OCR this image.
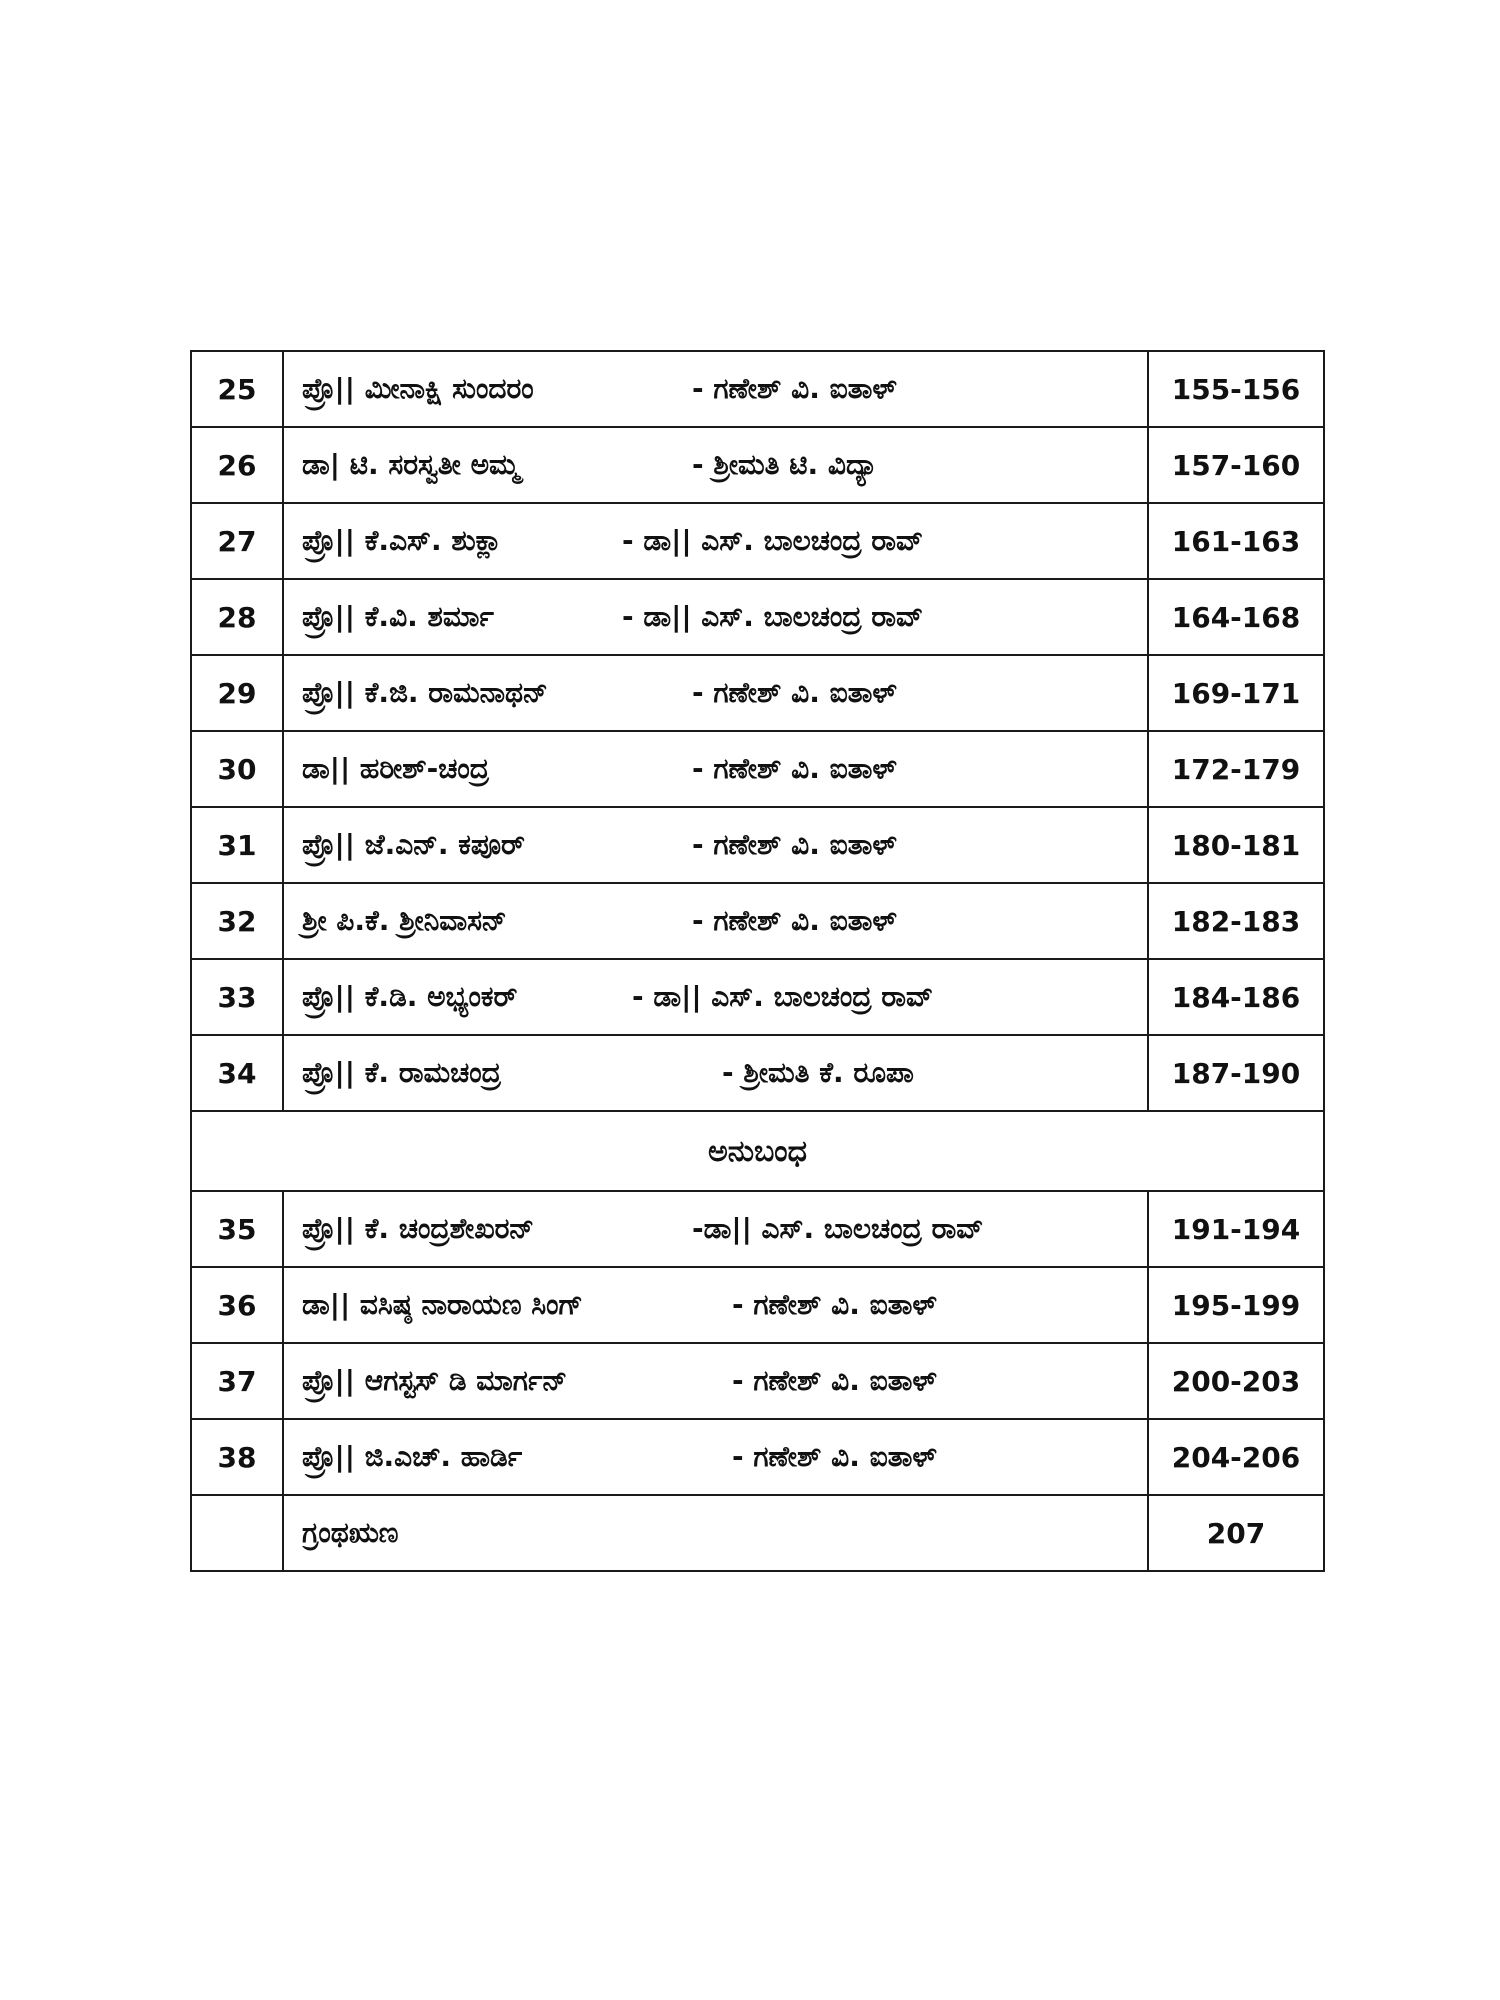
25	ಪ್ರೊ|| ಮೀನಾಕ್ಷಿ ಸುಂದರಂ - ಗಣೇಶ್ ವಿ. ಐತಾಳ್	155-156
26	ಡಾ| ಟಿ. ಸರಸ್ವತೀ ಅಮ್ಮ - ಶ್ರೀಮತಿ ಟಿ. ವಿದ್ಯಾ	157-160
27	ಪ್ರೊ|| ಕೆ.ಎಸ್. ಶುಕ್ಲಾ - ಡಾ|| ಎಸ್. ಬಾಲಚಂದ್ರ ರಾವ್	161-163
28	ಪ್ರೊ|| ಕೆ.ವಿ. ಶರ್ಮಾ - ಡಾ|| ಎಸ್. ಬಾಲಚಂದ್ರ ರಾವ್	164-168
29	ಪ್ರೊ|| ಕೆ.ಜಿ. ರಾಮನಾಥನ್ - ಗಣೇಶ್ ವಿ. ಐತಾಳ್	169-171
30	ಡಾ|| ಹರೀಶ್-ಚಂದ್ರ - ಗಣೇಶ್ ವಿ. ಐತಾಳ್	172-179
31	ಪ್ರೊ|| ಜೆ.ಎನ್. ಕಪೂರ್ - ಗಣೇಶ್ ವಿ. ಐತಾಳ್	180-181
32	ಶ್ರೀ ಪಿ.ಕೆ. ಶ್ರೀನಿವಾಸನ್ - ಗಣೇಶ್ ವಿ. ಐತಾಳ್	182-183
33	ಪ್ರೊ|| ಕೆ.ಡಿ. ಅಭ್ಯಂಕರ್ - ಡಾ|| ಎಸ್. ಬಾಲಚಂದ್ರ ರಾವ್	184-186
34	ಪ್ರೊ|| ಕೆ. ರಾಮಚಂದ್ರ - ಶ್ರೀಮತಿ ಕೆ. ರೂಪಾ	187-190
ಅನುಬಂಧ		
35	ಪ್ರೊ|| ಕೆ. ಚಂದ್ರಶೇಖರನ್ -ಡಾ|| ಎಸ್. ಬಾಲಚಂದ್ರ ರಾವ್	191-194
36	ಡಾ|| ವಸಿಷ್ಠ ನಾರಾಯಣ ಸಿಂಗ್ - ಗಣೇಶ್ ವಿ. ಐತಾಳ್	195-199
37	ಪ್ರೊ|| ಆಗಸ್ಟಸ್ ಡಿ ಮಾರ್ಗನ್ - ಗಣೇಶ್ ವಿ. ಐತಾಳ್	200-203
38	ಪ್ರೊ|| ಜಿ.ಎಚ್. ಹಾರ್ಡಿ - ಗಣೇಶ್ ವಿ. ಐತಾಳ್	204-206
	ಗ್ರಂಥಋಣ	207
